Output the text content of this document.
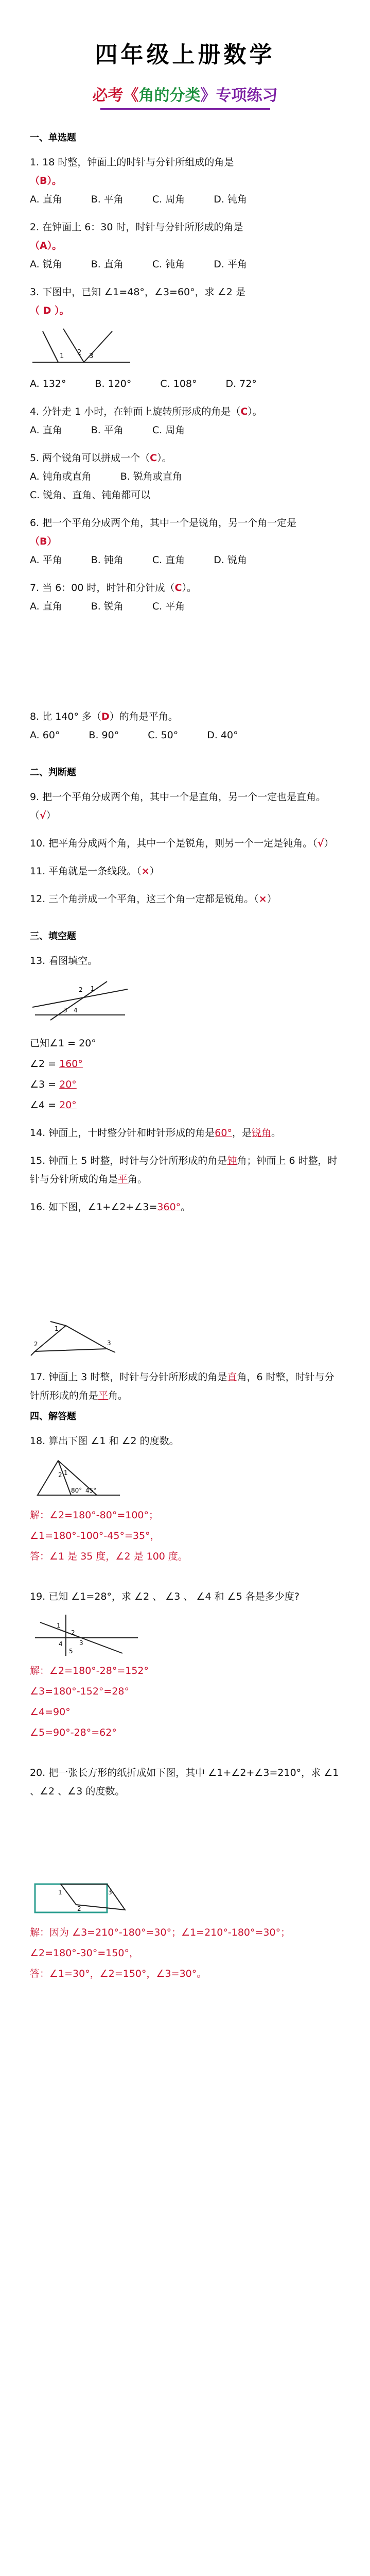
四年级上册数学
必考《角的分类》专项练习
一、单选题
1. 18 时整，钟面上的时针与分针所组成的角是
（B）。
A. 直角	B. 平角	C. 周角	D. 钝角
2. 在钟面上 6：30 时，时针与分针所形成的角是
（A）。
A. 锐角	B. 直角	C. 钝角	D. 平角
3. 下图中，已知 ∠1=48°，∠3=60°，求 ∠2 是
（ D ）。
1 2 3
A. 132°	B. 120°	C. 108°	D. 72°
4. 分针走 1 小时，在钟面上旋转所形成的角是（C）。
A. 直角	B. 平角	C. 周角
5. 两个锐角可以拼成一个（C）。
A. 钝角或直角	B. 锐角或直角
C. 锐角、直角、钝角都可以
6. 把一个平角分成两个角，其中一个是锐角，另一个角一定是
（B）
A. 平角	B. 钝角	C. 直角	D. 锐角
7. 当 6：00 时，时针和分针成（C）。
A. 直角	B. 锐角	C. 平角
8. 比 140° 多（D）的角是平角。
A. 60°	B. 90°	C. 50°	D. 40°
二、判断题
9. 把一个平角分成两个角，其中一个是直角，另一个一定也是直角。（√）
10. 把平角分成两个角，其中一个是锐角，则另一个一定是钝角。（√）
11. 平角就是一条线段。（×）
12. 三个角拼成一个平角，这三个角一定都是锐角。（×）
三、填空题
13. 看图填空。
1
2
3 4
已知∠1 = 20°
∠2 = 160°
∠3 = 20°
∠4 = 20°
14. 钟面上，十时整分针和时针形成的角是60°，是锐角。
15. 钟面上 5 时整，时针与分针所形成的角是钝角；钟面上 6 时整，时针与分针所成的角是平角。
16. 如下图，∠1+∠2+∠3=360°。
1
2	3
17. 钟面上 3 时整，时针与分针所形成的角是直角，6 时整，时针与分针所形成的角是平角。
四、解答题
18. 算出下图 ∠1 和 ∠2 的度数。
2 1
80° 45°
解：∠2=180°-80°=100°；
∠1=180°-100°-45°=35°，
答：∠1 是 35 度，∠2 是 100 度。
19. 已知 ∠1=28°，求 ∠2 、 ∠3 、 ∠4 和 ∠5 各是多少度?
1
2
3
4
5
解：∠2=180°-28°=152°
∠3=180°-152°=28°
∠4=90°
∠5=90°-28°=62°
20. 把一张长方形的纸折成如下图，其中 ∠1+∠2+∠3=210°，求 ∠1 、∠2 、∠3 的度数。
1
2
3
解：因为 ∠3=210°-180°=30°；∠1=210°-180°=30°；
∠2=180°-30°=150°，
答：∠1=30°，∠2=150°，∠3=30°。
